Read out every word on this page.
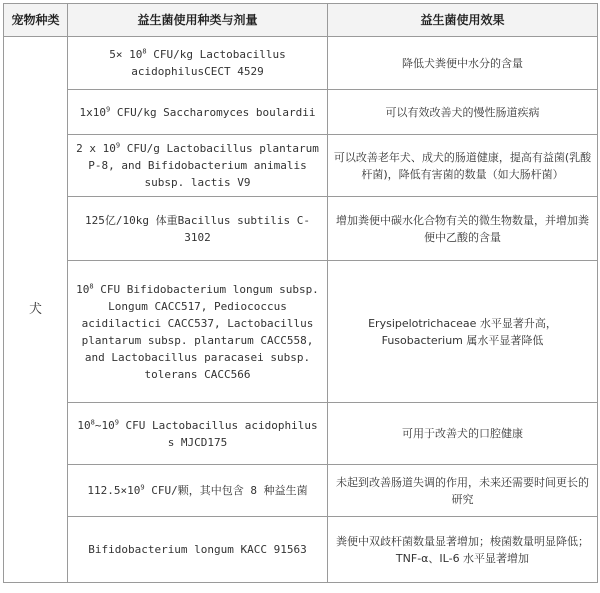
宠物种类	益生菌使用种类与剂量	益生菌使用效果
犬	$5\times 10^8$ CFU/kg Lactobacillus acidophilusCECT 4529	降低犬粪便中水分的含量
	$1x10^9$ CFU/kg Saccharomyces boulardii	可以有效改善犬的慢性肠道疾病
	2 x $10^9$ CFU/g Lactobacillus plantarum P-8, and Bifidobacterium animalis subsp. lactis V9	可以改善老年犬、成犬的肠道健康，提高有益菌(乳酸杆菌)，降低有害菌的数量（如大肠杆菌）
	125亿/10kg 体重Bacillus subtilis C-3102	增加粪便中碳水化合物有关的微生物数量，并增加粪便中乙酸的含量
	$10^8$ CFU Bifidobacterium longum subsp. Longum CACC517, Pediococcus acidilactici CACC537, Lactobacillus plantarum subsp. plantarum CACC558, and Lactobacillus paracasei subsp. tolerans CACC566	Erysipelotrichaceae 水平显著升高，Fusobacterium 属水平显著降低
	$10^8\sim 10^9$ CFU Lactobacillus acidophilus s MJCD175	可用于改善犬的口腔健康
	$112.5\times 10^9$ CFU/颗，其中包含 8 种益生菌	未起到改善肠道失调的作用，未来还需要时间更长的研究
	Bifidobacterium longum KACC 91563	粪便中双歧杆菌数量显著增加；梭菌数量明显降低；TNF-α、IL-6 水平显著增加
